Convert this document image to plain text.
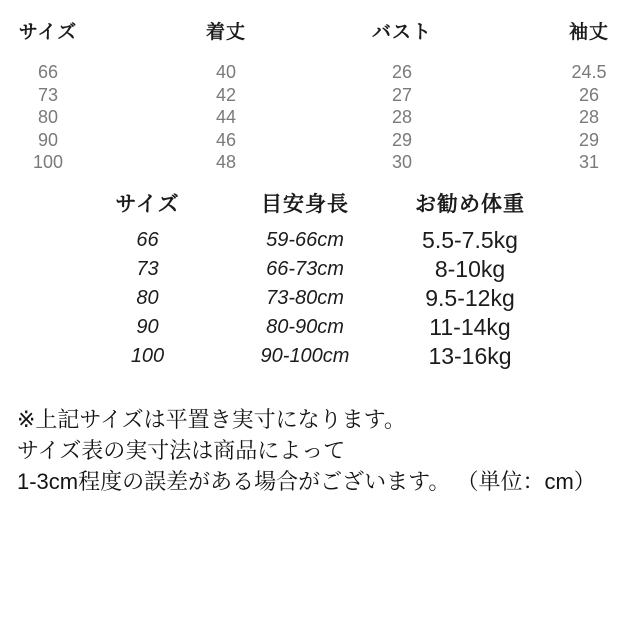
サイズ	着丈	バスト	袖丈
66	40	26	24.5
73	42	27	26
80	44	28	28
90	46	29	29
100	48	30	31
サイズ	目安身長	お勧め体重
66	59-66cm	5.5-7.5kg
73	66-73cm	8-10kg
80	73-80cm	9.5-12kg
90	80-90cm	11-14kg
100	90-100cm	13-16kg
※上記サイズは平置き実寸になります。
サイズ表の実寸法は商品によって
1-3cm程度の誤差がある場合がございます。 （単位：cm）
